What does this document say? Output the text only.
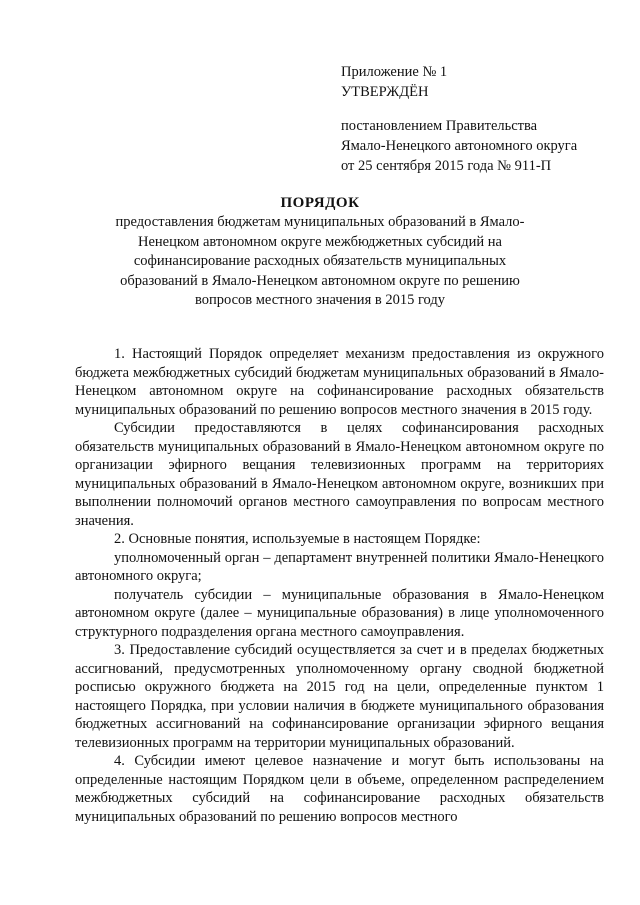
Приложение № 1
УТВЕРЖДЁН
постановлением Правительства
Ямало-Ненецкого автономного округа
от 25 сентября 2015 года № 911-П
ПОРЯДОК
предоставления бюджетам муниципальных образований в Ямало-Ненецком автономном округе межбюджетных субсидий на софинансирование расходных обязательств муниципальных образований в Ямало-Ненецком автономном округе по решению вопросов местного значения в 2015 году

1. Настоящий Порядок определяет механизм предоставления из окружного бюджета межбюджетных субсидий бюджетам муниципальных образований в Ямало-Ненецком автономном округе на софинансирование расходных обязательств муниципальных образований по решению вопросов местного значения в 2015 году.

Субсидии предоставляются в целях софинансирования расходных обязательств муниципальных образований в Ямало-Ненецком автономном округе по организации эфирного вещания телевизионных программ на территориях муниципальных образований в Ямало-Ненецком автономном округе, возникших при выполнении полномочий органов местного самоуправления по вопросам местного значения.

2. Основные понятия, используемые в настоящем Порядке:

уполномоченный орган – департамент внутренней политики Ямало-Ненецкого автономного округа;

получатель субсидии – муниципальные образования в Ямало-Ненецком автономном округе (далее – муниципальные образования) в лице уполномоченного структурного подразделения органа местного самоуправления.

3. Предоставление субсидий осуществляется за счет и в пределах бюджетных ассигнований, предусмотренных уполномоченному органу сводной бюджетной росписью окружного бюджета на 2015 год на цели, определенные пунктом 1 настоящего Порядка, при условии наличия в бюджете муниципального образования бюджетных ассигнований на софинансирование организации эфирного вещания телевизионных программ на территории муниципальных образований.

4. Субсидии имеют целевое назначение и могут быть использованы на определенные настоящим Порядком цели в объеме, определенном распределением межбюджетных субсидий на софинансирование расходных обязательств муниципальных образований по решению вопросов местного
